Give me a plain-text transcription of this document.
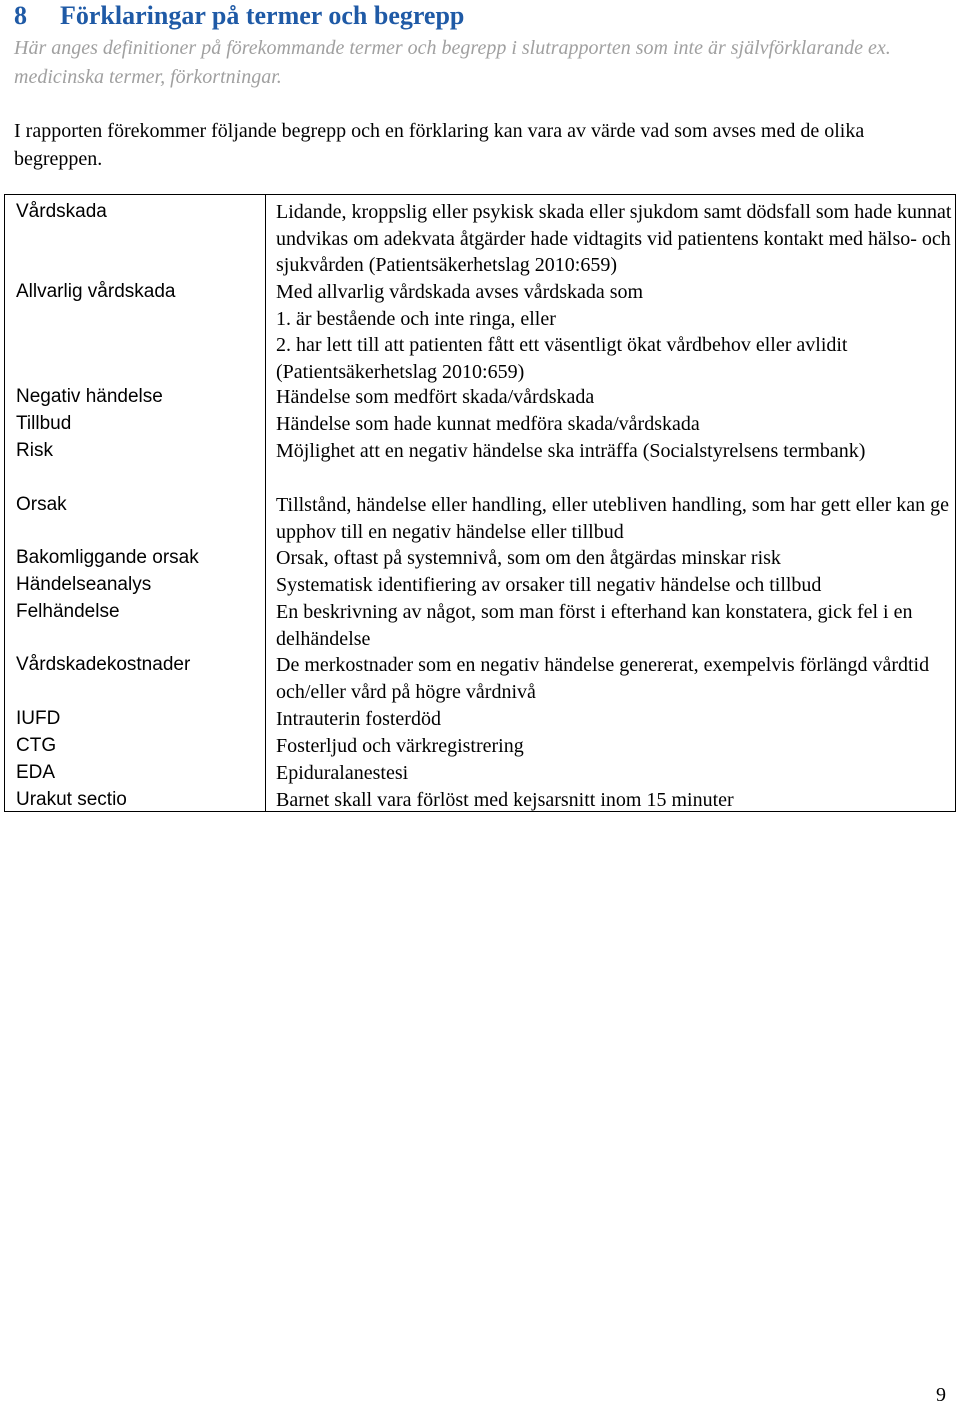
8 Förklaringar på termer och begrepp

Här anges definitioner på förekommande termer och begrepp i slutrapporten som inte är självförklarande ex. medicinska termer, förkortningar.

I rapporten förekommer följande begrepp och en förklaring kan vara av värde vad som avses med de olika begreppen.

Vårdskada	Lidande, kroppslig eller psykisk skada eller sjukdom samt dödsfall som hade kunnat undvikas om adekvata åtgärder hade vidtagits vid patientens kontakt med hälso- och sjukvården (Patientsäkerhetslag 2010:659)

Allvarlig vårdskada	Med allvarlig vårdskada avses vårdskada som
1. är bestående och inte ringa, eller
2. har lett till att patienten fått ett väsentligt ökat vårdbehov eller avlidit (Patientsäkerhetslag 2010:659)

Negativ händelse	Händelse som medfört skada/vårdskada

Tillbud	Händelse som hade kunnat medföra skada/vårdskada

Risk	Möjlighet att en negativ händelse ska inträffa (Socialstyrelsens termbank)

Orsak	Tillstånd, händelse eller handling, eller utebliven handling, som har gett eller kan ge upphov till en negativ händelse eller tillbud

Bakomliggande orsak	Orsak, oftast på systemnivå, som om den åtgärdas minskar risk

Händelseanalys	Systematisk identifiering av orsaker till negativ händelse och tillbud

Felhändelse	En beskrivning av något, som man först i efterhand kan konstatera, gick fel i en delhändelse

Vårdskadekostnader	De merkostnader som en negativ händelse genererat, exempelvis förlängd vårdtid och/eller vård på högre vårdnivå

IUFD	Intrauterin fosterdöd

CTG	Fosterljud och värkregistrering

EDA	Epiduralanestesi

Urakut sectio	Barnet skall vara förlöst med kejsarsnitt inom 15 minuter

9
